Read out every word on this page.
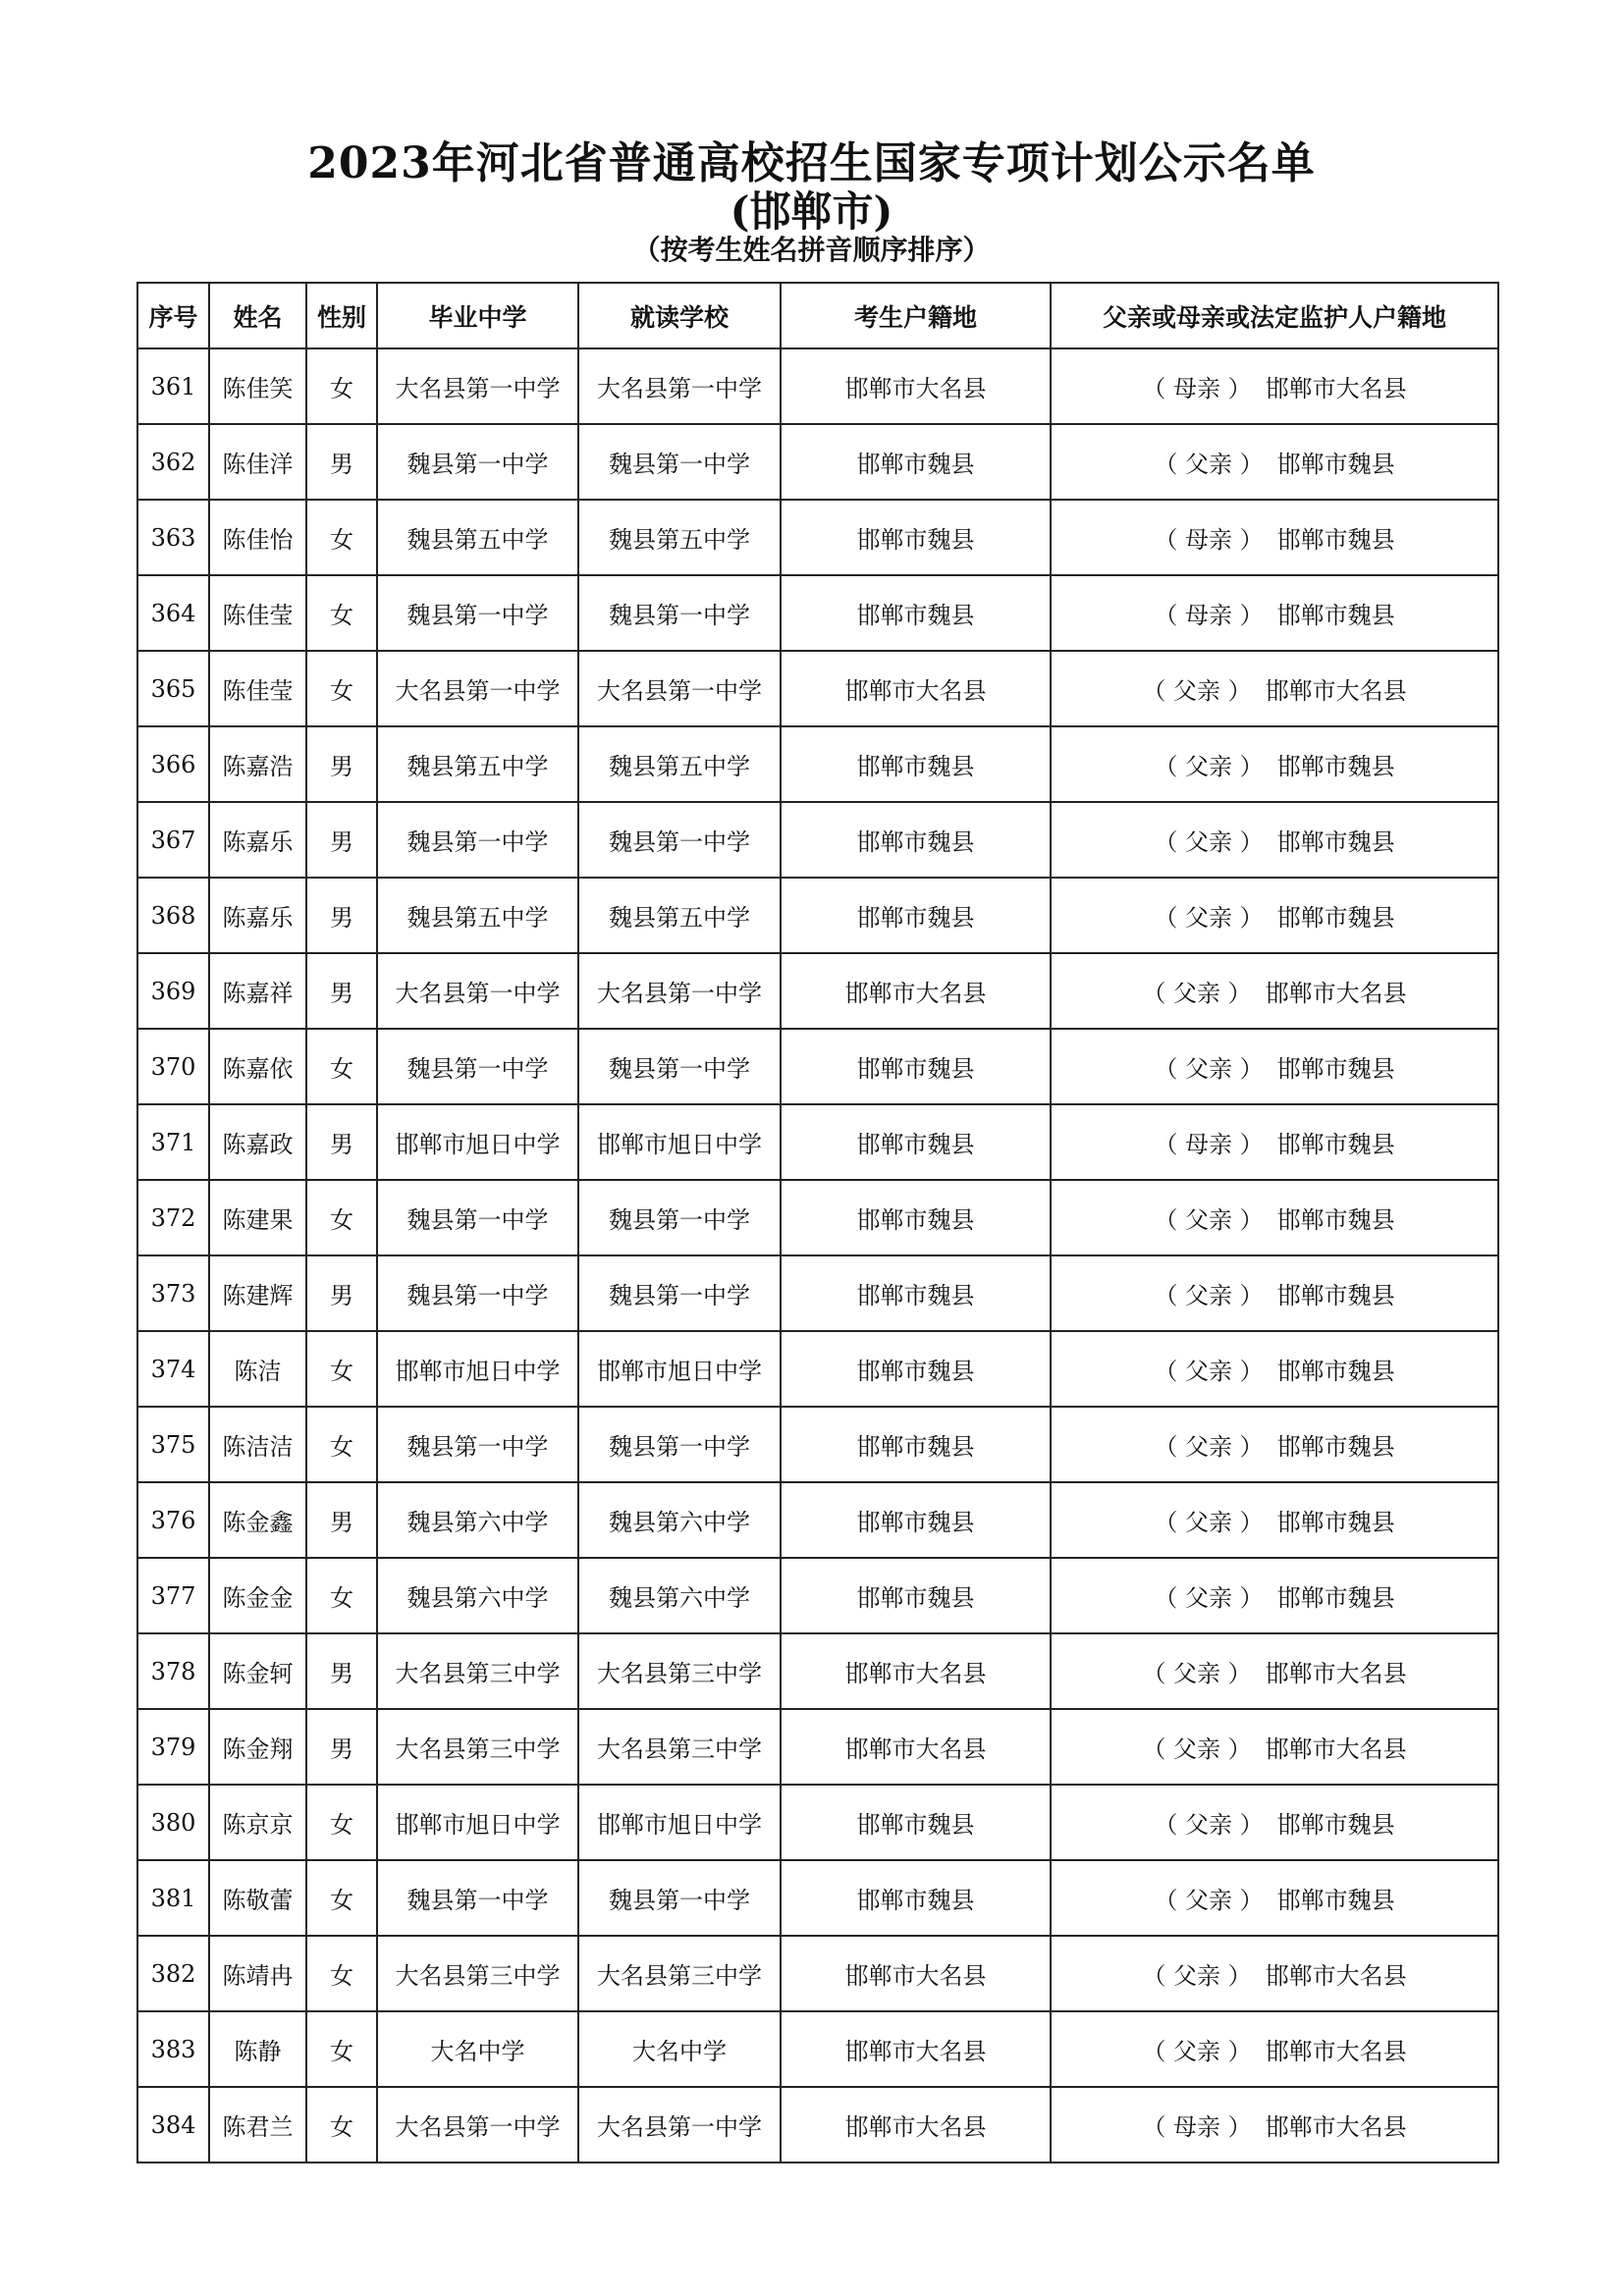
2023年河北省普通高校招生国家专项计划公示名单
(邯郸市)
（按考生姓名拼音顺序排序）
序号	姓名	性别	毕业中学	就读学校	考生户籍地	父亲或母亲或法定监护人户籍地
361	陈佳笑	女	大名县第一中学	大名县第一中学	邯郸市大名县	（ 母亲 ） 邯郸市大名县
362	陈佳洋	男	魏县第一中学	魏县第一中学	邯郸市魏县	（ 父亲 ） 邯郸市魏县
363	陈佳怡	女	魏县第五中学	魏县第五中学	邯郸市魏县	（ 母亲 ） 邯郸市魏县
364	陈佳莹	女	魏县第一中学	魏县第一中学	邯郸市魏县	（ 母亲 ） 邯郸市魏县
365	陈佳莹	女	大名县第一中学	大名县第一中学	邯郸市大名县	（ 父亲 ） 邯郸市大名县
366	陈嘉浩	男	魏县第五中学	魏县第五中学	邯郸市魏县	（ 父亲 ） 邯郸市魏县
367	陈嘉乐	男	魏县第一中学	魏县第一中学	邯郸市魏县	（ 父亲 ） 邯郸市魏县
368	陈嘉乐	男	魏县第五中学	魏县第五中学	邯郸市魏县	（ 父亲 ） 邯郸市魏县
369	陈嘉祥	男	大名县第一中学	大名县第一中学	邯郸市大名县	（ 父亲 ） 邯郸市大名县
370	陈嘉依	女	魏县第一中学	魏县第一中学	邯郸市魏县	（ 父亲 ） 邯郸市魏县
371	陈嘉政	男	邯郸市旭日中学	邯郸市旭日中学	邯郸市魏县	（ 母亲 ） 邯郸市魏县
372	陈建果	女	魏县第一中学	魏县第一中学	邯郸市魏县	（ 父亲 ） 邯郸市魏县
373	陈建辉	男	魏县第一中学	魏县第一中学	邯郸市魏县	（ 父亲 ） 邯郸市魏县
374	陈洁	女	邯郸市旭日中学	邯郸市旭日中学	邯郸市魏县	（ 父亲 ） 邯郸市魏县
375	陈洁洁	女	魏县第一中学	魏县第一中学	邯郸市魏县	（ 父亲 ） 邯郸市魏县
376	陈金鑫	男	魏县第六中学	魏县第六中学	邯郸市魏县	（ 父亲 ） 邯郸市魏县
377	陈金金	女	魏县第六中学	魏县第六中学	邯郸市魏县	（ 父亲 ） 邯郸市魏县
378	陈金轲	男	大名县第三中学	大名县第三中学	邯郸市大名县	（ 父亲 ） 邯郸市大名县
379	陈金翔	男	大名县第三中学	大名县第三中学	邯郸市大名县	（ 父亲 ） 邯郸市大名县
380	陈京京	女	邯郸市旭日中学	邯郸市旭日中学	邯郸市魏县	（ 父亲 ） 邯郸市魏县
381	陈敬蕾	女	魏县第一中学	魏县第一中学	邯郸市魏县	（ 父亲 ） 邯郸市魏县
382	陈靖冉	女	大名县第三中学	大名县第三中学	邯郸市大名县	（ 父亲 ） 邯郸市大名县
383	陈静	女	大名中学	大名中学	邯郸市大名县	（ 父亲 ） 邯郸市大名县
384	陈君兰	女	大名县第一中学	大名县第一中学	邯郸市大名县	（ 母亲 ） 邯郸市大名县
